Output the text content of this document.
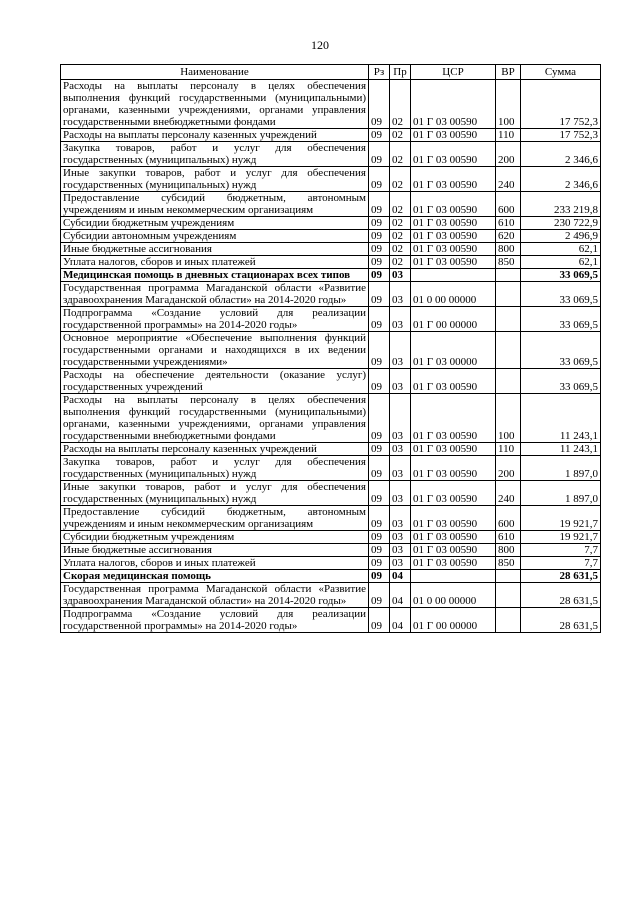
120
Наименование	Рз	Пр	ЦСР	ВР	Сумма
Расходы на выплаты персоналу в целях обеспечения выполнения функций государственными (муниципальными) органами, казенными учреждениями, органами управления государственными внебюджетными фондами	09	02	01 Г 03 00590	100	17 752,3
Расходы на выплаты персоналу казенных учреждений	09	02	01 Г 03 00590	110	17 752,3
Закупка товаров, работ и услуг для обеспечения государственных (муниципальных) нужд	09	02	01 Г 03 00590	200	2 346,6
Иные закупки товаров, работ и услуг для обеспечения государственных (муниципальных) нужд	09	02	01 Г 03 00590	240	2 346,6
Предоставление субсидий бюджетным, автономным учреждениям и иным некоммерческим организациям	09	02	01 Г 03 00590	600	233 219,8
Субсидии бюджетным учреждениям	09	02	01 Г 03 00590	610	230 722,9
Субсидии автономным учреждениям	09	02	01 Г 03 00590	620	2 496,9
Иные бюджетные ассигнования	09	02	01 Г 03 00590	800	62,1
Уплата налогов, сборов и иных платежей	09	02	01 Г 03 00590	850	62,1
Медицинская помощь в дневных стационарах всех типов	09	03			33 069,5
Государственная программа Магаданской области «Развитие здравоохранения Магаданской области» на 2014-2020 годы»	09	03	01 0 00 00000		33 069,5
Подпрограмма «Создание условий для реализации государственной программы» на 2014-2020 годы»	09	03	01 Г 00 00000		33 069,5
Основное мероприятие «Обеспечение выполнения функций государственными органами и находящихся в их ведении государственными учреждениями»	09	03	01 Г 03 00000		33 069,5
Расходы на обеспечение деятельности (оказание услуг) государственных учреждений	09	03	01 Г 03 00590		33 069,5
Расходы на выплаты персоналу в целях обеспечения выполнения функций государственными (муниципальными) органами, казенными учреждениями, органами управления государственными внебюджетными фондами	09	03	01 Г 03 00590	100	11 243,1
Расходы на выплаты персоналу казенных учреждений	09	03	01 Г 03 00590	110	11 243,1
Закупка товаров, работ и услуг для обеспечения государственных (муниципальных) нужд	09	03	01 Г 03 00590	200	1 897,0
Иные закупки товаров, работ и услуг для обеспечения государственных (муниципальных) нужд	09	03	01 Г 03 00590	240	1 897,0
Предоставление субсидий бюджетным, автономным учреждениям и иным некоммерческим организациям	09	03	01 Г 03 00590	600	19 921,7
Субсидии бюджетным учреждениям	09	03	01 Г 03 00590	610	19 921,7
Иные бюджетные ассигнования	09	03	01 Г 03 00590	800	7,7
Уплата налогов, сборов и иных платежей	09	03	01 Г 03 00590	850	7,7
Скорая медицинская помощь	09	04			28 631,5
Государственная программа Магаданской области «Развитие здравоохранения Магаданской области» на 2014-2020 годы»	09	04	01 0 00 00000		28 631,5
Подпрограмма «Создание условий для реализации государственной программы» на 2014-2020 годы»	09	04	01 Г 00 00000		28 631,5
